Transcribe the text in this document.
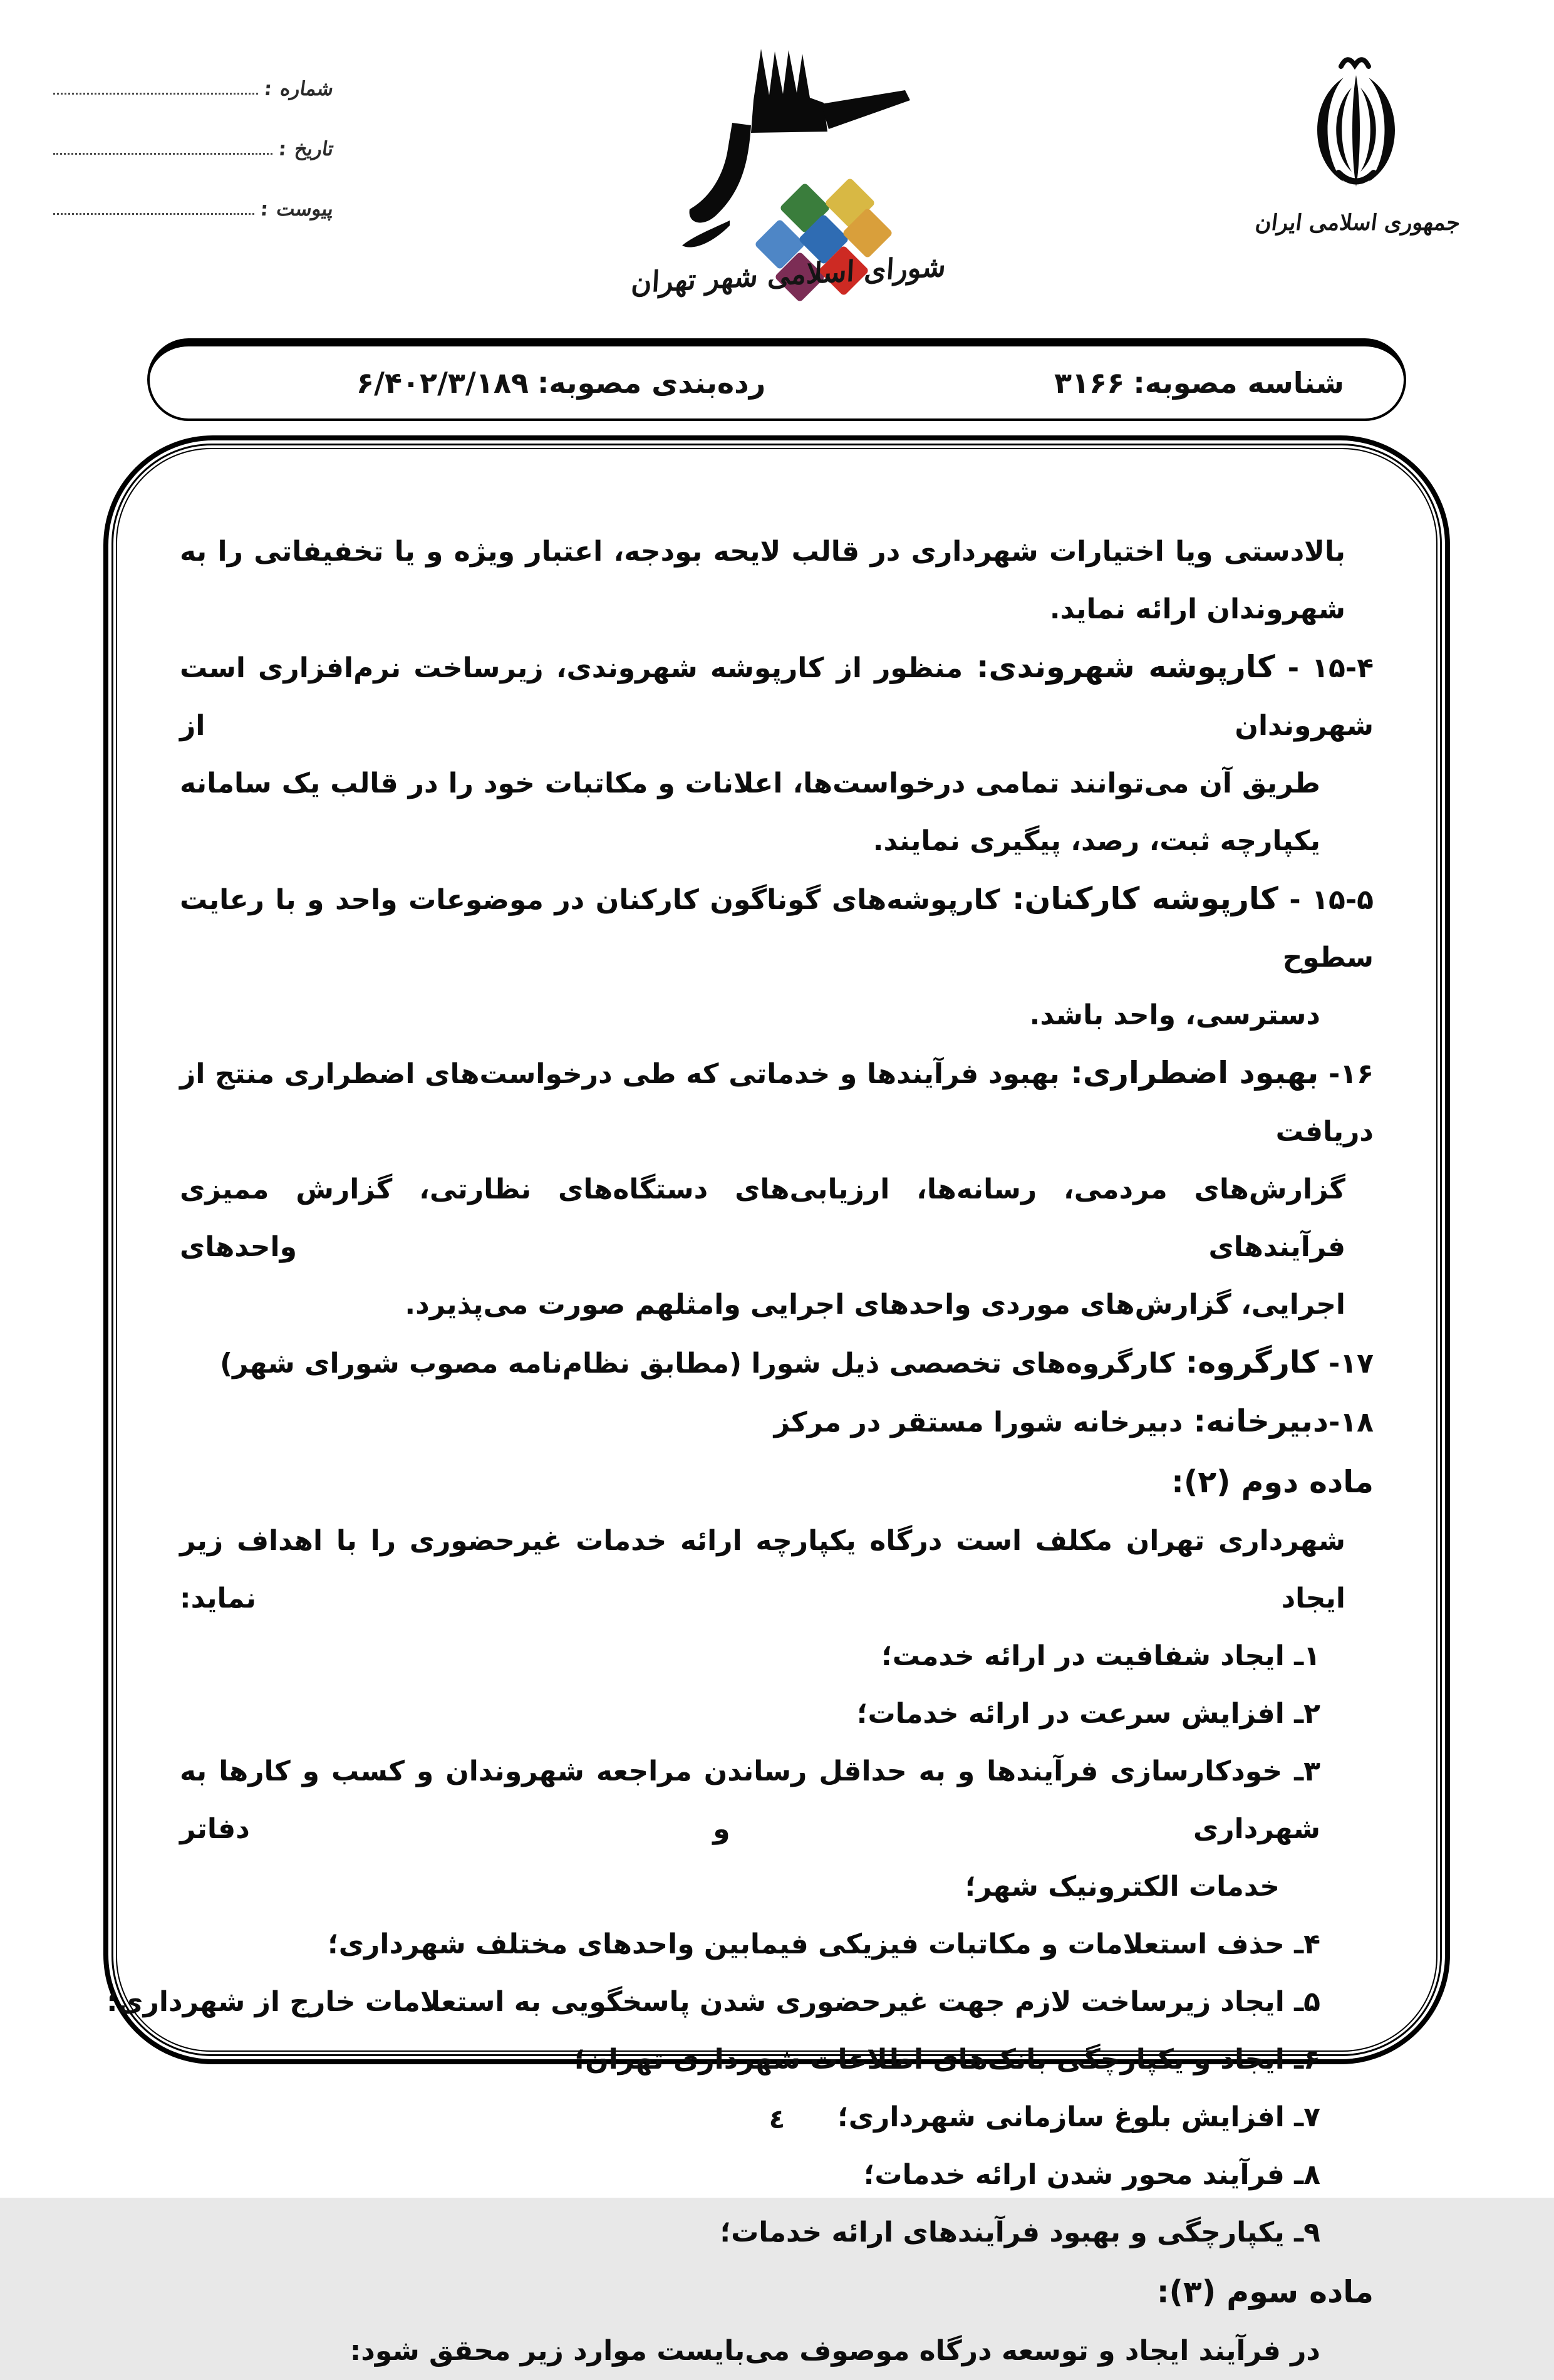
شماره :
تاریخ :
پیوست :
شورای اسلامی شهر تهران
جمهوری اسلامی ایران
شناسه مصوبه:۳۱۶۶
رده‌بندی مصوبه:۶/۴۰۲/۳/۱۸۹
بالادستی ویا اختیارات شهرداری در قالب لایحه بودجه، اعتبار ویژه و یا تخفیفاتی را به
شهروندان ارائه نماید.
۱۵-۴ - کارپوشه شهروندی: منظور از کارپوشه شهروندی، زیرساخت نرم‌افزاری است شهروندان از
طریق آن می‌توانند تمامی درخواست‌ها، اعلانات و مکاتبات خود را در قالب یک سامانه
یکپارچه ثبت، رصد، پیگیری نمایند.
۱۵-۵ - کارپوشه کارکنان: کارپوشه‌های گوناگون کارکنان در موضوعات واحد و با رعایت سطوح
دسترسی، واحد باشد.
۱۶- بهبود اضطراری: بهبود فرآیندها و خدماتی که طی درخواست‌های اضطراری منتج از دریافت
گزارش‌های مردمی، رسانه‌ها، ارزیابی‌های دستگاه‌های نظارتی، گزارش ممیزی فرآیندهای واحدهای
اجرایی، گزارش‌های موردی واحدهای اجرایی وامثلهم صورت می‌پذیرد.
۱۷- کارگروه: کارگروه‌های تخصصی ذیل شورا (مطابق نظام‌نامه مصوب شورای شهر)
۱۸-دبیرخانه: دبیرخانه شورا مستقر در مرکز
ماده دوم (۲):
شهرداری تهران مکلف است درگاه یکپارچه ارائه خدمات غیرحضوری را با اهداف زیر ایجاد نماید:
۱ـ ایجاد شفافیت در ارائه خدمت؛
۲ـ افزایش سرعت در ارائه خدمات؛
۳ـ خودکارسازی فرآیندها و به حداقل رساندن مراجعه شهروندان و کسب و کارها به شهرداری و دفاتر
خدمات الکترونیک شهر؛
۴ـ حذف استعلامات و مکاتبات فیزیکی فیمابین واحدهای مختلف شهرداری؛
۵ـ ایجاد زیرساخت لازم جهت غیرحضوری شدن پاسخگویی به استعلامات خارج از شهرداری؛
۶ـ ایجاد و یکپارچگی بانک‌های اطلاعات شهرداری تهران؛
۷ـ افزایش بلوغ سازمانی شهرداری؛
۸ـ فرآیند محور شدن ارائه خدمات؛
۹ـ یکپارچگی و بهبود فرآیندهای ارائه خدمات؛
ماده سوم (۳):
در فرآیند ایجاد و توسعه درگاه موصوف می‌بایست موارد زیر محقق شود:
٤
